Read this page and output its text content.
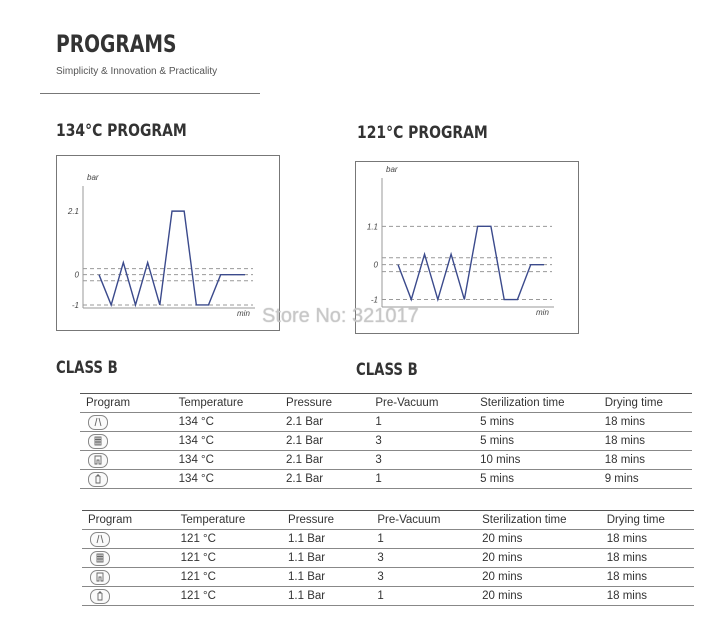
PROGRAMS
Simplicity & Innovation & Practicality
134°C PROGRAM	121°C PROGRAM
bar
min
2.1
0
-1
bar
min
1.1
0
-1
Store No: 321017
CLASS B	CLASS B
Program	Temperature	Pressure	Pre-Vacuum	Sterilization time	Drying time

	134 °C	2.1 Bar	1	5 mins	18 mins

	134 °C	2.1 Bar	3	5 mins	18 mins

	134 °C	2.1 Bar	3	10 mins	18 mins

	134 °C	2.1 Bar	1	5 mins	9 mins
Program	Temperature	Pressure	Pre-Vacuum	Sterilization time	Drying time

	121 °C	1.1 Bar	1	20 mins	18 mins

	121 °C	1.1 Bar	3	20 mins	18 mins

	121 °C	1.1 Bar	3	20 mins	18 mins

	121 °C	1.1 Bar	1	20 mins	18 mins
